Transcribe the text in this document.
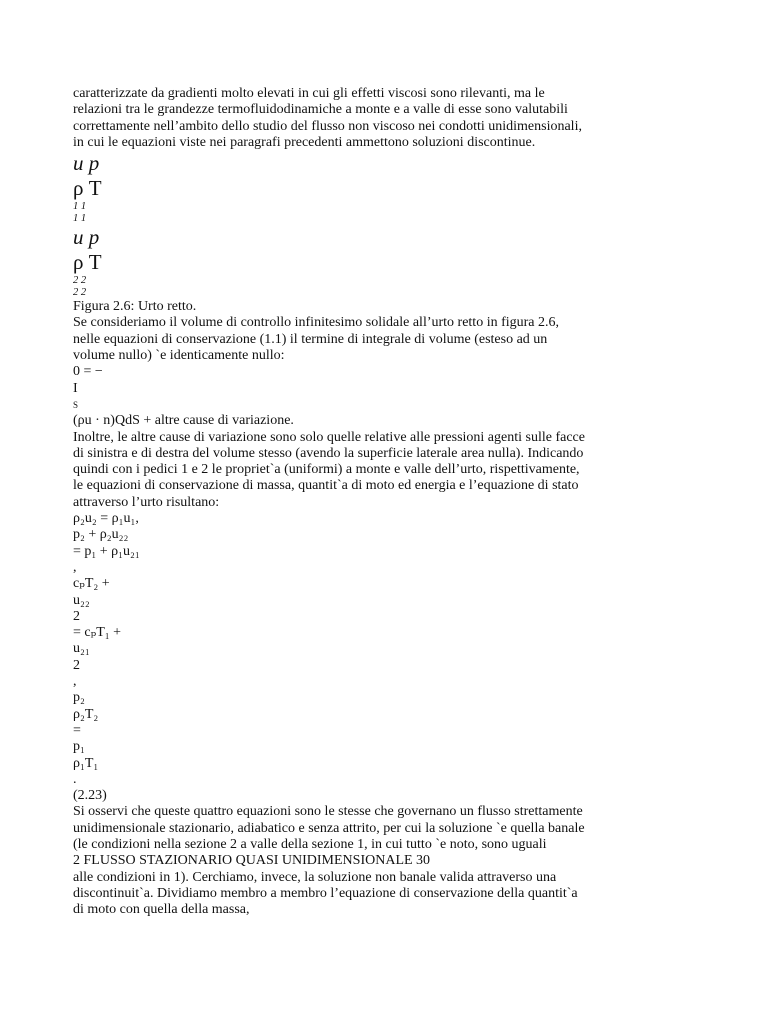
caratterizzate da gradienti molto elevati in cui gli effetti viscosi sono rilevanti, ma le
relazioni tra le grandezze termofluidodinamiche a monte e a valle di esse sono valutabili
correttamente nell’ambito dello studio del flusso non viscoso nei condotti unidimensionali,
in cui le equazioni viste nei paragrafi precedenti ammettono soluzioni discontinue.
u p
ρ T
1 1
1 1
u p
ρ T
2 2
2 2
Figura 2.6: Urto retto.
Se consideriamo il volume di controllo infinitesimo solidale all’urto retto in figura 2.6,
nelle equazioni di conservazione (1.1) il termine di integrale di volume (esteso ad un
volume nullo) `e identicamente nullo:
0 = −
I
S
(ρu · n)QdS + altre cause di variazione.
Inoltre, le altre cause di variazione sono solo quelle relative alle pressioni agenti sulle facce
di sinistra e di destra del volume stesso (avendo la superficie laterale area nulla). Indicando
quindi con i pedici 1 e 2 le propriet`a (uniformi) a monte e valle dell’urto, rispettivamente,
le equazioni di conservazione di massa, quantit`a di moto ed energia e l’equazione di stato
attraverso l’urto risultano:
ρ₂u₂ = ρ₁u₁,
p₂ + ρ₂u₂₂
= p₁ + ρ₁u₂₁
,
cₚT₂ +
u₂₂
2
= cₚT₁ +
u₂₁
2
,
p₂
ρ₂T₂
=
p₁
ρ₁T₁
.
(2.23)
Si osservi che queste quattro equazioni sono le stesse che governano un flusso strettamente
unidimensionale stazionario, adiabatico e senza attrito, per cui la soluzione `e quella banale
(le condizioni nella sezione 2 a valle della sezione 1, in cui tutto `e noto, sono uguali
2 FLUSSO STAZIONARIO QUASI UNIDIMENSIONALE 30
alle condizioni in 1). Cerchiamo, invece, la soluzione non banale valida attraverso una
discontinuit`a. Dividiamo membro a membro l’equazione di conservazione della quantit`a
di moto con quella della massa,
